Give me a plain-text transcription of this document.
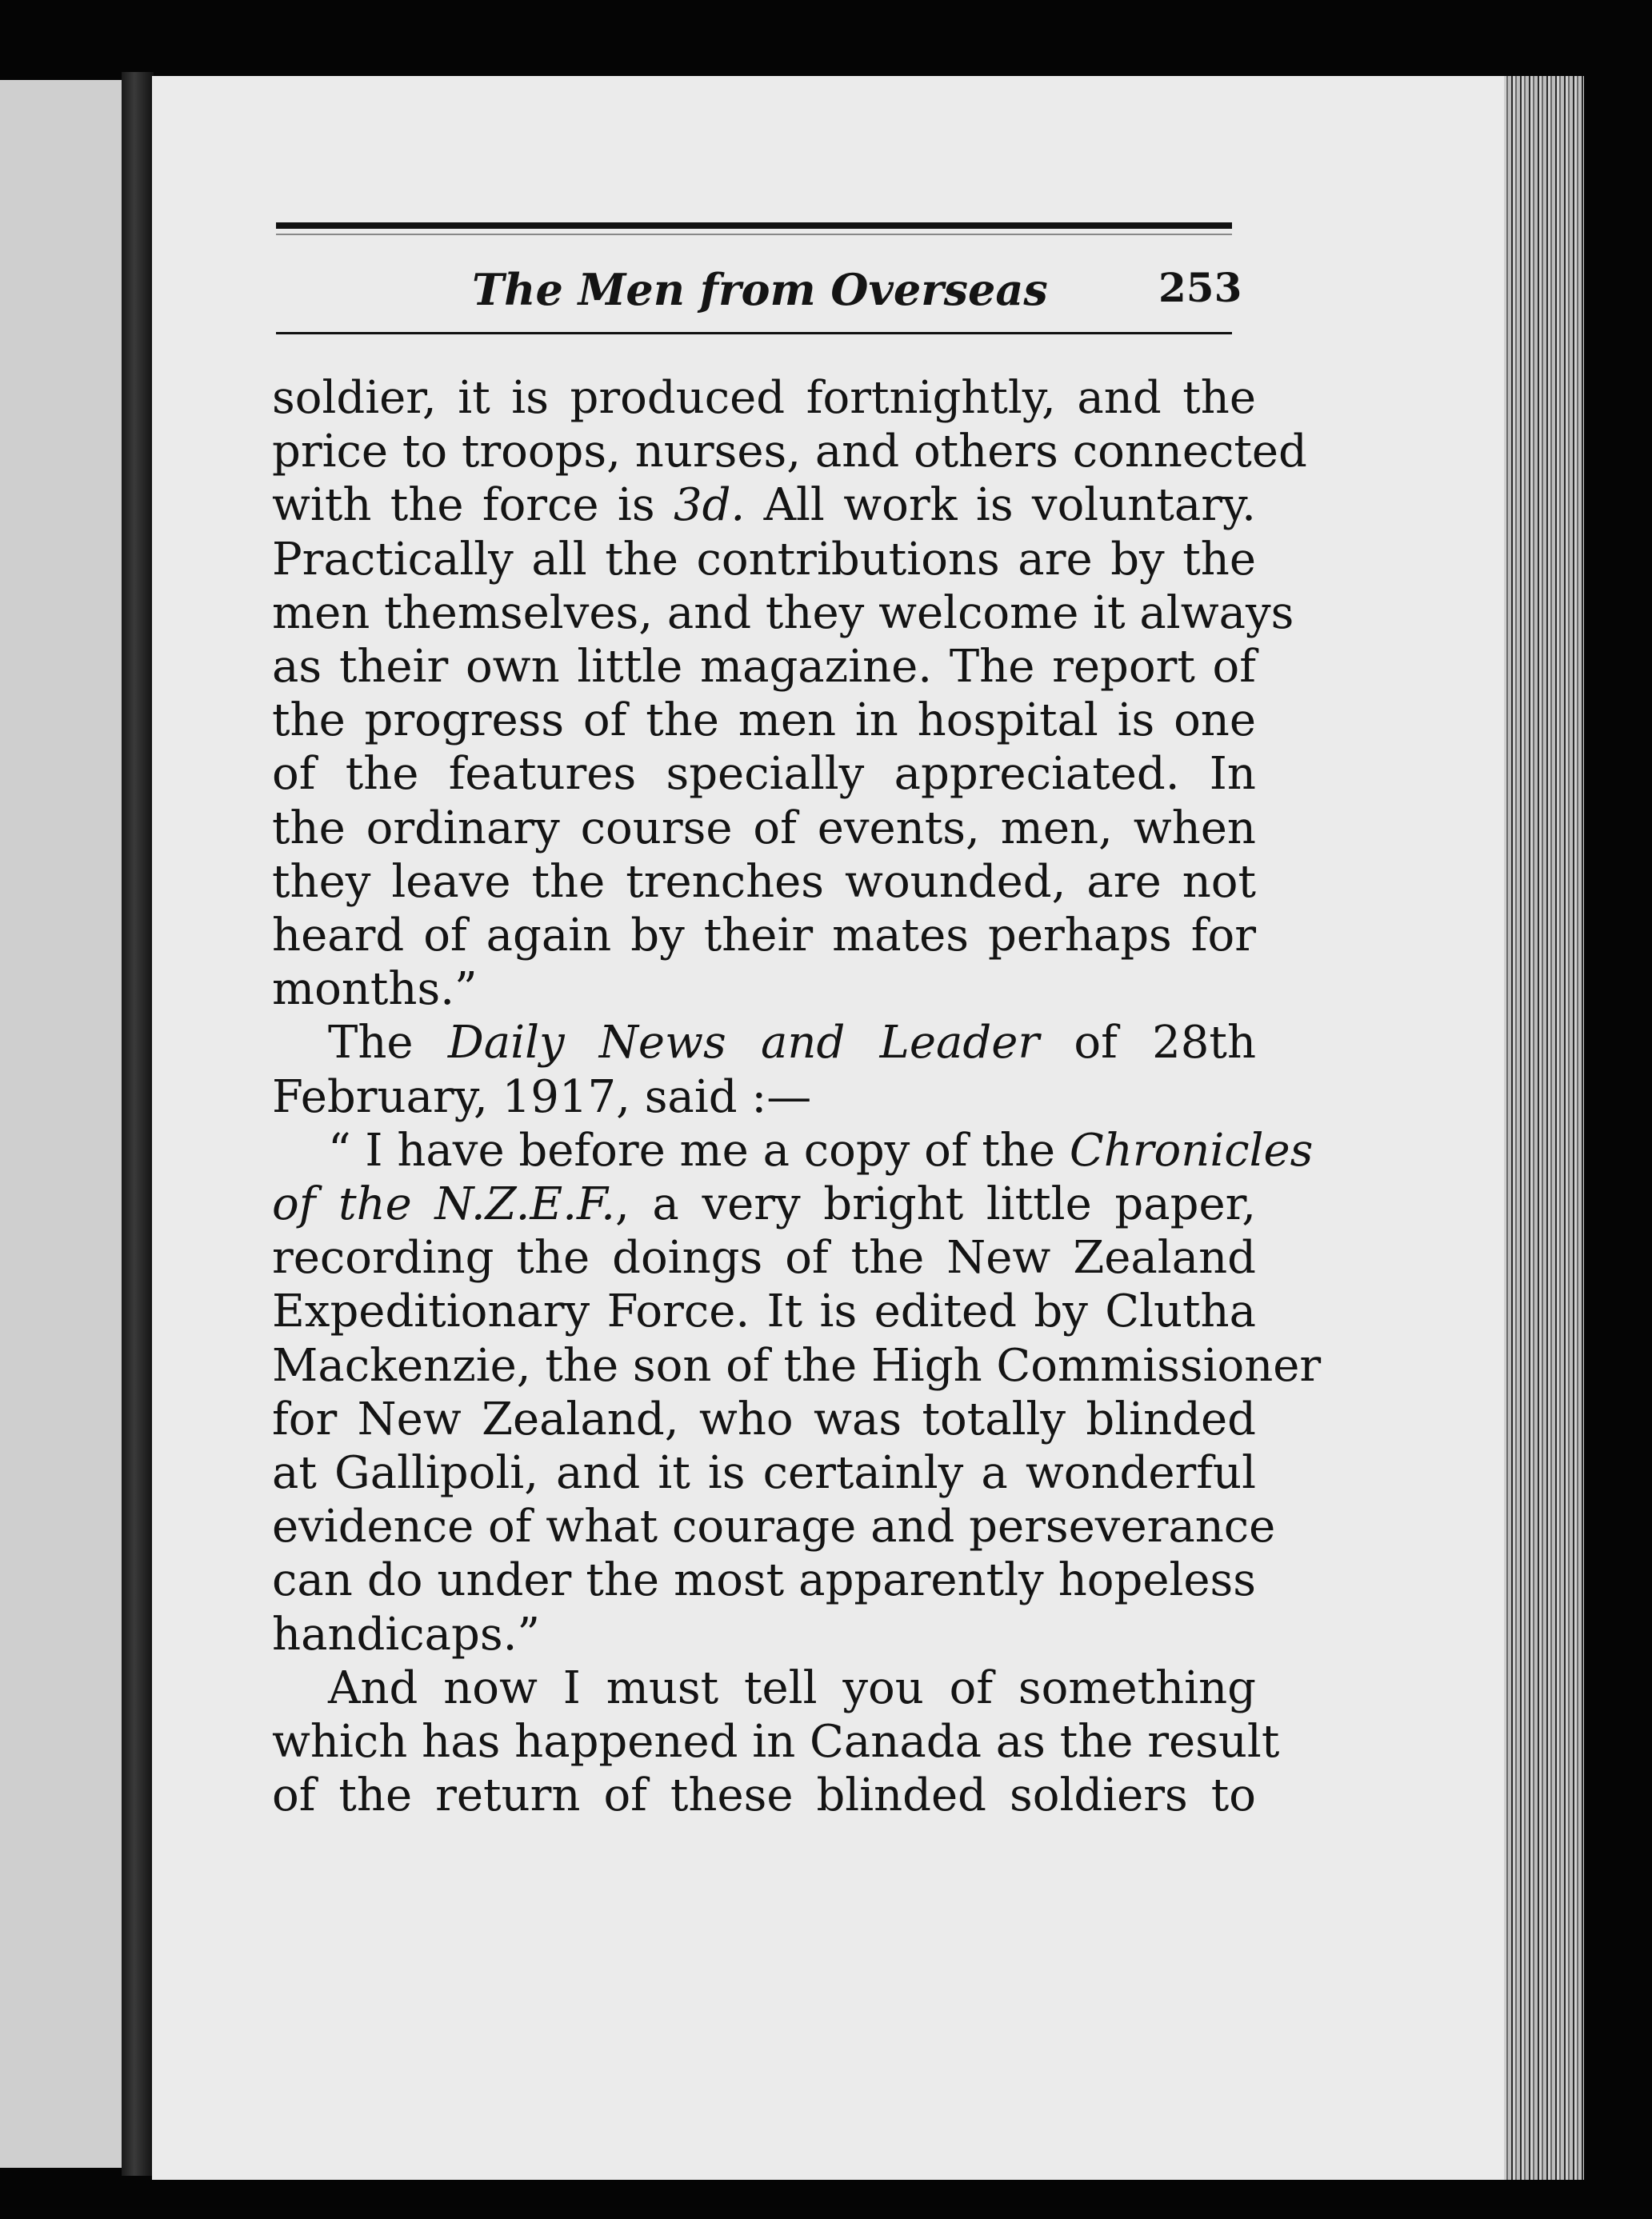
The Men from Overseas	253
soldier, it is produced fortnightly, and the
price to troops, nurses, and others connected
with the force is 3d. All work is voluntary.
Practically all the contributions are by the
men themselves, and they welcome it always
as their own little magazine. The report of
the progress of the men in hospital is one
of the features specially appreciated. In
the ordinary course of events, men, when
they leave the trenches wounded, are not
heard of again by their mates perhaps for
months.”
The Daily News and Leader of 28th
February, 1917, said :—
“ I have before me a copy of the Chronicles
of the N.Z.E.F., a very bright little paper,
recording the doings of the New Zealand
Expeditionary Force. It is edited by Clutha
Mackenzie, the son of the High Commissioner
for New Zealand, who was totally blinded
at Gallipoli, and it is certainly a wonderful
evidence of what courage and perseverance
can do under the most apparently hopeless
handicaps.”
And now I must tell you of something
which has happened in Canada as the result
of the return of these blinded soldiers to
